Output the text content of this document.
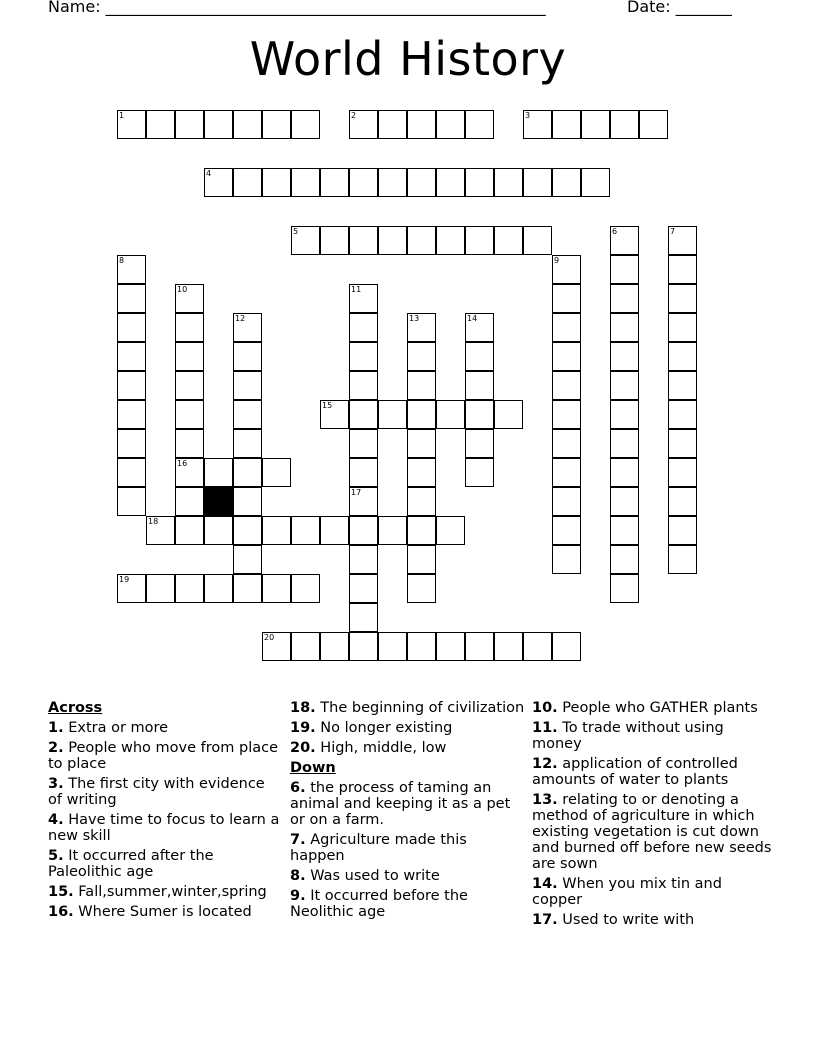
Name: _______________________________________________________	Date: _______
World History
1	2	3
4
5
15
16
18
19
20
6	7
8	9
10	11
12	13	14
17
Across
1. Extra or more
2. People who move from place to place
3. The first city with evidence of writing
4. Have time to focus to learn a new skill
5. It occurred after the Paleolithic age
15. Fall,summer,winter,spring
16. Where Sumer is located
18. The beginning of civilization
19. No longer existing
20. High, middle, low
Down
6. the process of taming an animal and keeping it as a pet or on a farm.
7. Agriculture made this happen
8. Was used to write
9. It occurred before the Neolithic age
10. People who GATHER plants
11. To trade without using money
12. application of controlled amounts of water to plants
13. relating to or denoting a method of agriculture in which existing vegetation is cut down and burned off before new seeds are sown
14. When you mix tin and copper
17. Used to write with
